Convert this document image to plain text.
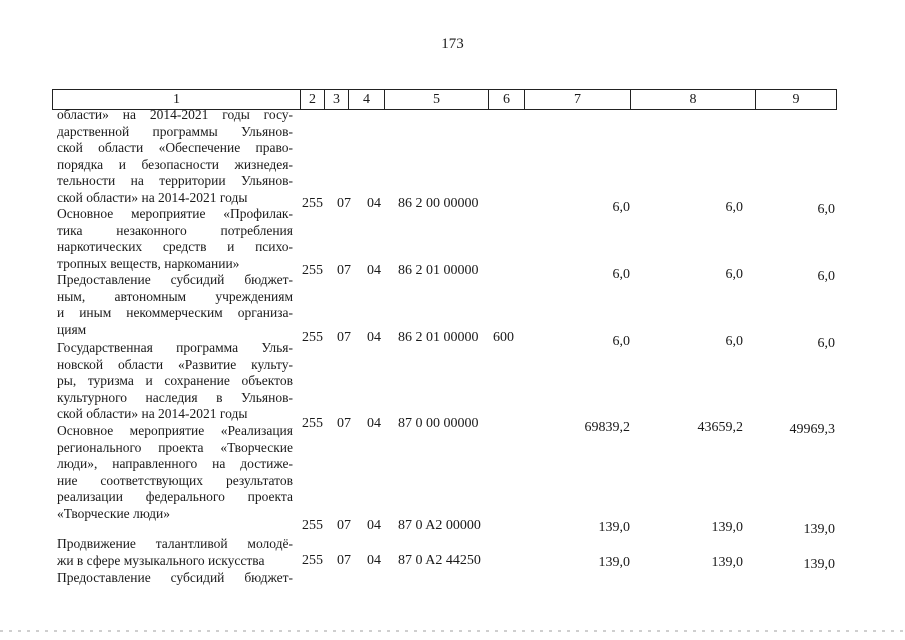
173
1	2	3	4	5	6	7	8	9
области» на 2014-2021 годы госу-
дарственной программы Ульянов-
ской области «Обеспечение право-
порядка и безопасности жизнедея-
тельности на территории Ульянов-
ской области» на 2014-2021 годы	255 07 04 86 2 00 00000	6,0	6,0	6,0
Основное мероприятие «Профилак-
тика незаконного потребления
наркотических средств и психо-
тропных веществ, наркомании»	255 07 04 86 2 01 00000	6,0	6,0	6,0
Предоставление субсидий бюджет-
ным, автономным учреждениям
и иным некоммерческим организа-
циям
255 07 04 86 2 01 00000 600	6,0	6,0	6,0
Государственная программа Улья-
новской области «Развитие культу-
ры, туризма и сохранение объектов
культурного наследия в Ульянов-
ской области» на 2014-2021 годы
255 07 04 87 0 00 00000	69839,2	43659,2	49969,3
Основное мероприятие «Реализация
регионального проекта «Творческие
люди», направленного на достиже-
ние соответствующих результатов
реализации федерального проекта
«Творческие люди»
255 07 04 87 0 A2 00000	139,0	139,0	139,0
Продвижение талантливой молодё-
жи в сфере музыкального искусства	255 07 04 87 0 A2 44250	139,0	139,0	139,0
Предоставление субсидий бюджет-
